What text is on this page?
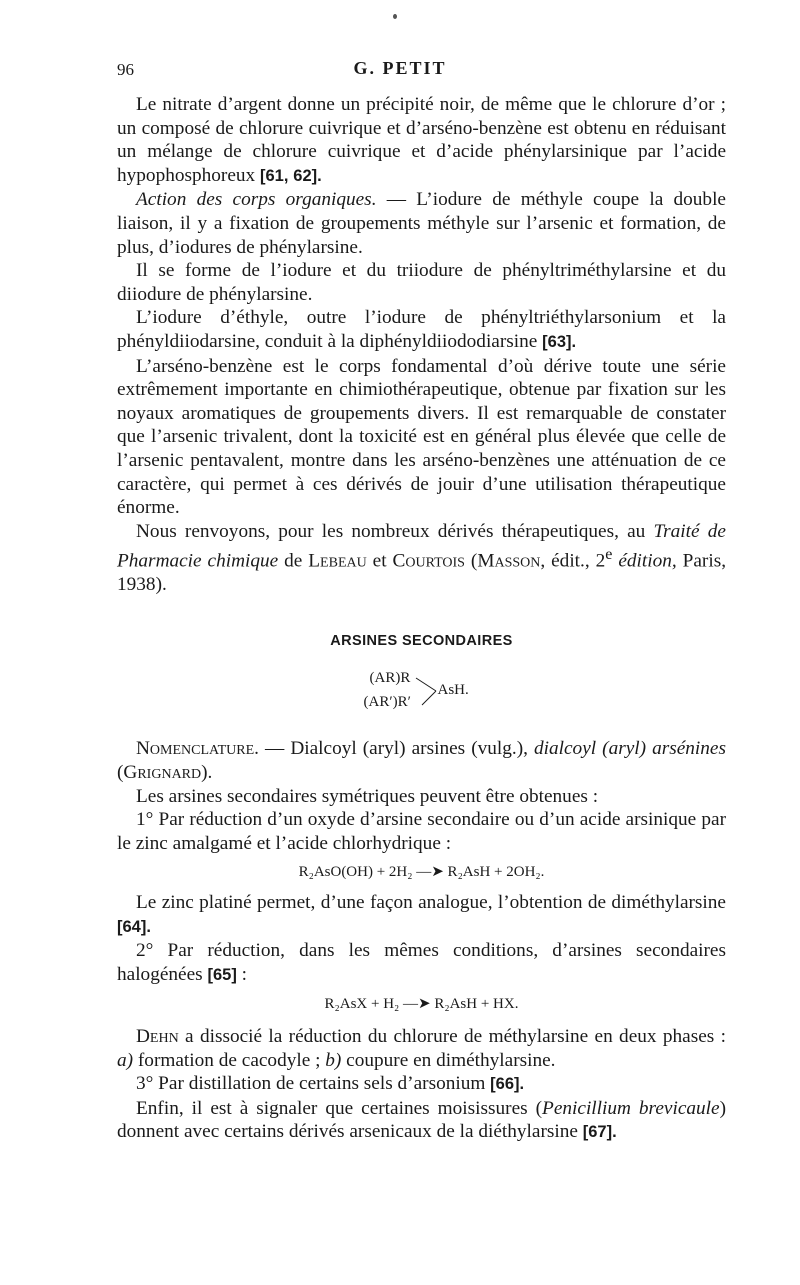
96	G. PETIT

Le nitrate d’argent donne un précipité noir, de même que le chlorure d’or ; un composé de chlorure cuivrique et d’arséno-benzène est obtenu en réduisant un mélange de chlorure cuivrique et d’acide phénylarsinique par l’acide hypophosphoreux [61, 62].

Action des corps organiques. — L’iodure de méthyle coupe la double liaison, il y a fixation de groupements méthyle sur l’arsenic et formation, de plus, d’iodures de phénylarsine.

Il se forme de l’iodure et du triiodure de phényltriméthylarsine et du diiodure de phénylarsine.

L’iodure d’éthyle, outre l’iodure de phényltriéthylarsonium et la phényldiiodarsine, conduit à la diphényldiiododiarsine [63].

L’arséno-benzène est le corps fondamental d’où dérive toute une série extrêmement importante en chimiothérapeutique, obtenue par fixation sur les noyaux aromatiques de groupements divers. Il est remarquable de constater que l’arsenic trivalent, dont la toxicité est en général plus élevée que celle de l’arsenic pentavalent, montre dans les arséno-benzènes une atténuation de ce caractère, qui permet à ces dérivés de jouir d’une utilisation thérapeutique énorme.

Nous renvoyons, pour les nombreux dérivés thérapeutiques, au Traité de Pharmacie chimique de Lebeau et Courtois (Masson, édit., 2e édition, Paris, 1938).

ARSINES SECONDAIRES
(AR)R
(AR′)R′
AsH.

Nomenclature. — Dialcoyl (aryl) arsines (vulg.), dialcoyl (aryl) arsénines (Grignard).

Les arsines secondaires symétriques peuvent être obtenues :

1° Par réduction d’un oxyde d’arsine secondaire ou d’un acide arsinique par le zinc amalgamé et l’acide chlorhydrique :

R₂AsO(OH) + 2H₂ —➤ R₂AsH + 2OH₂.

Le zinc platiné permet, d’une façon analogue, l’obtention de diméthylarsine [64].

2° Par réduction, dans les mêmes conditions, d’arsines secondaires halogénées [65] :

R₂AsX + H₂ —➤ R₂AsH + HX.

Dehn a dissocié la réduction du chlorure de méthylarsine en deux phases : a) formation de cacodyle ; b) coupure en diméthylarsine.

3° Par distillation de certains sels d’arsonium [66].

Enfin, il est à signaler que certaines moisissures (Penicillium brevicaule) donnent avec certains dérivés arsenicaux de la diéthylarsine [67].
